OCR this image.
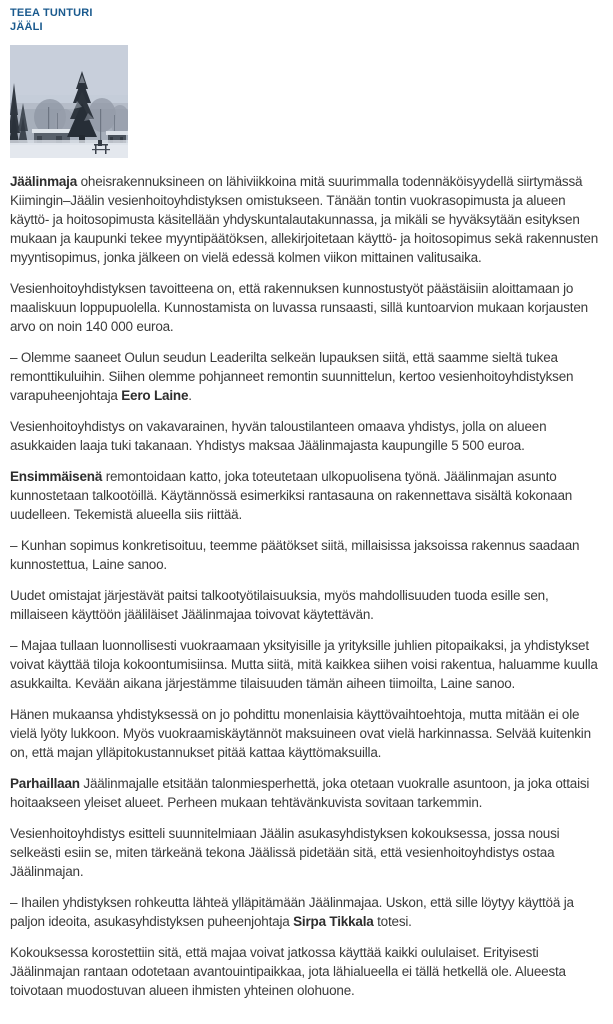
TEEA TUNTURI
JÄÄLI

Jäälinmaja oheisrakennuksineen on lähiviikkoina mitä suurimmalla todennäköisyydellä siirtymässä Kiimingin–Jäälin vesienhoitoyhdistyksen omistukseen. Tänään tontin vuokrasopimusta ja alueen käyttö- ja hoitosopimusta käsitellään yhdyskuntalautakunnassa, ja mikäli se hyväksytään esityksen mukaan ja kaupunki tekee myyntipäätöksen, allekirjoitetaan käyttö- ja hoitosopimus sekä rakennusten myyntisopimus, jonka jälkeen on vielä edessä kolmen viikon mittainen valitusaika.

Vesienhoitoyhdistyksen tavoitteena on, että rakennuksen kunnostustyöt päästäisiin aloittamaan jo maaliskuun loppupuolella. Kunnostamista on luvassa runsaasti, sillä kuntoarvion mukaan korjausten arvo on noin 140 000 euroa.

– Olemme saaneet Oulun seudun Leaderilta selkeän lupauksen siitä, että saamme sieltä tukea remonttikuluihin. Siihen olemme pohjanneet remontin suunnittelun, kertoo vesienhoitoyhdistyksen varapuheenjohtaja Eero Laine.

Vesienhoitoyhdistys on vakavarainen, hyvän taloustilanteen omaava yhdistys, jolla on alueen asukkaiden laaja tuki takanaan. Yhdistys maksaa Jäälinmajasta kaupungille 5 500 euroa.

Ensimmäisenä remontoidaan katto, joka toteutetaan ulkopuolisena työnä. Jäälinmajan asunto kunnostetaan talkootöillä. Käytännössä esimerkiksi rantasauna on rakennettava sisältä kokonaan uudelleen. Tekemistä alueella siis riittää.

– Kunhan sopimus konkretisoituu, teemme päätökset siitä, millaisissa jaksoissa rakennus saadaan kunnostettua, Laine sanoo.

Uudet omistajat järjestävät paitsi talkootyötilaisuuksia, myös mahdollisuuden tuoda esille sen, millaiseen käyttöön jääliläiset Jäälinmajaa toivovat käytettävän.

– Majaa tullaan luonnollisesti vuokraamaan yksityisille ja yrityksille juhlien pitopaikaksi, ja yhdistykset voivat käyttää tiloja kokoontumisiinsa. Mutta siitä, mitä kaikkea siihen voisi rakentua, haluamme kuulla asukkailta. Kevään aikana järjestämme tilaisuuden tämän aiheen tiimoilta, Laine sanoo.

Hänen mukaansa yhdistyksessä on jo pohdittu monenlaisia käyttövaihtoehtoja, mutta mitään ei ole vielä lyöty lukkoon. Myös vuokraamiskäytännöt maksuineen ovat vielä harkinnassa. Selvää kuitenkin on, että majan ylläpitokustannukset pitää kattaa käyttömaksuilla.

Parhaillaan Jäälinmajalle etsitään talonmiesperhettä, joka otetaan vuokralle asuntoon, ja joka ottaisi hoitaakseen yleiset alueet. Perheen mukaan tehtävänkuvista sovitaan tarkemmin.

Vesienhoitoyhdistys esitteli suunnitelmiaan Jäälin asukasyhdistyksen kokouksessa, jossa nousi selkeästi esiin se, miten tärkeänä tekona Jäälissä pidetään sitä, että vesienhoitoyhdistys ostaa Jäälinmajan.

– Ihailen yhdistyksen rohkeutta lähteä ylläpitämään Jäälinmajaa. Uskon, että sille löytyy käyttöä ja paljon ideoita, asukasyhdistyksen puheenjohtaja Sirpa Tikkala totesi.

Kokouksessa korostettiin sitä, että majaa voivat jatkossa käyttää kaikki oululaiset. Erityisesti Jäälinmajan rantaan odotetaan avantouintipaikkaa, jota lähialueella ei tällä hetkellä ole. Alueesta toivotaan muodostuvan alueen ihmisten yhteinen olohuone.
